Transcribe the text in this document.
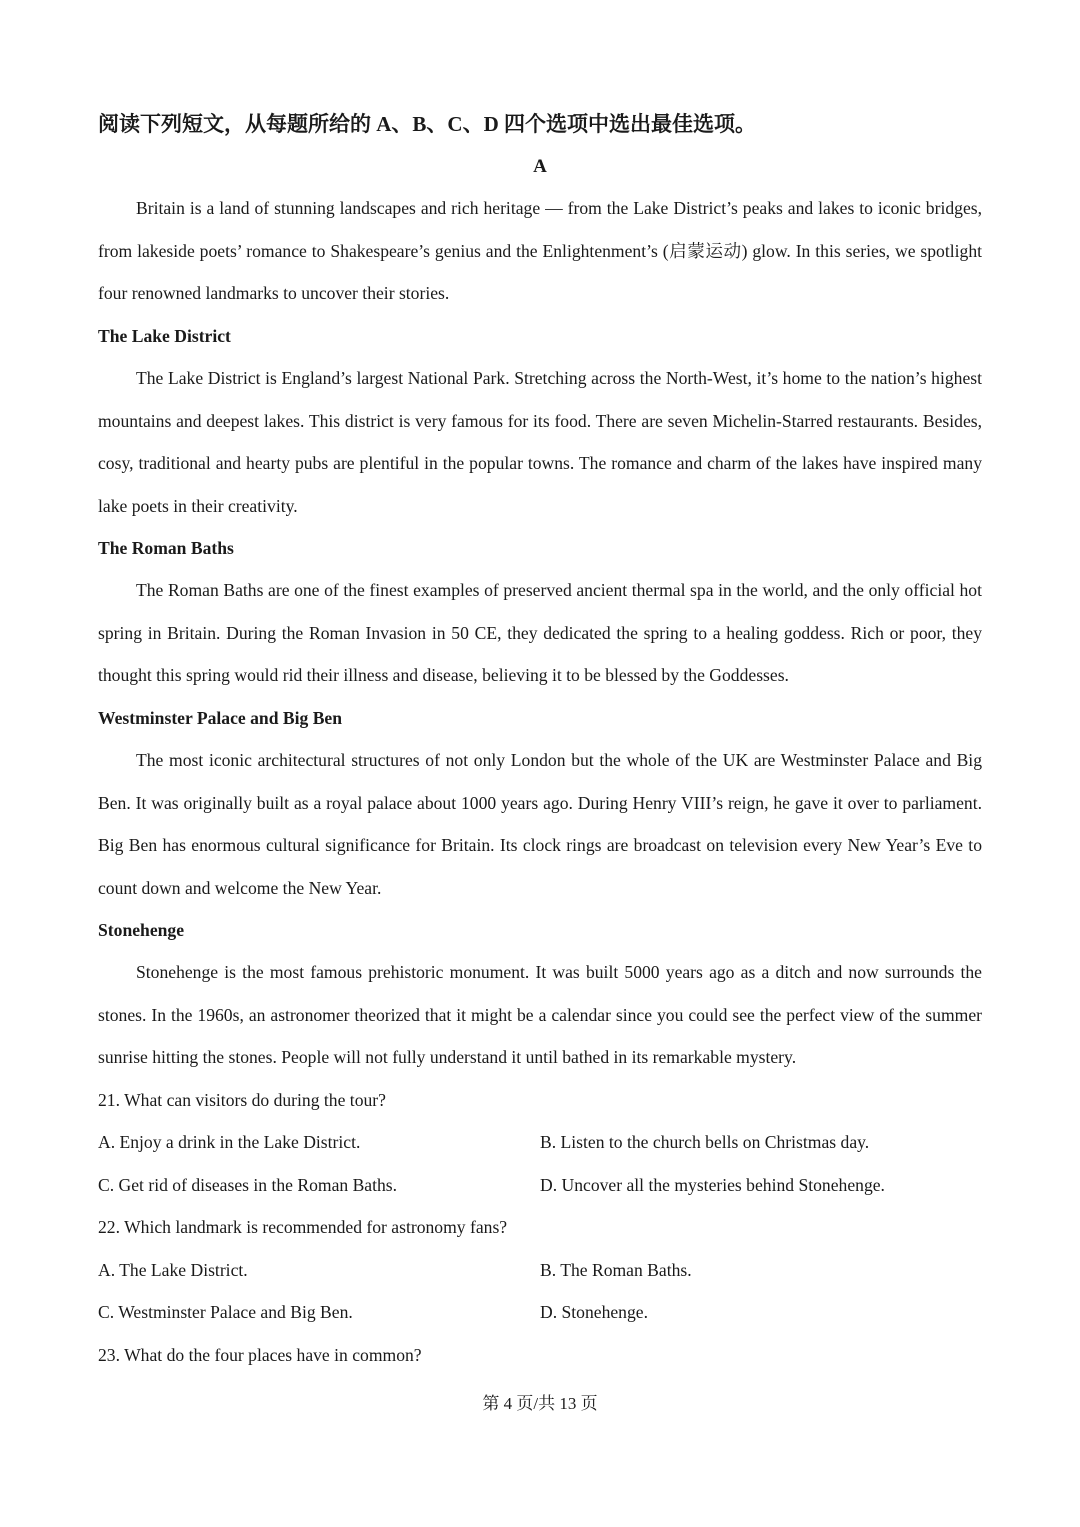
阅读下列短文，从每题所给的 A、B、C、D 四个选项中选出最佳选项。
A

Britain is a land of stunning landscapes and rich heritage — from the Lake District’s peaks and lakes to iconic bridges, from lakeside poets’ romance to Shakespeare’s genius and the Enlightenment’s (启蒙运动) glow. In this series, we spotlight four renowned landmarks to uncover their stories.

The Lake District

The Lake District is England’s largest National Park. Stretching across the North-West, it’s home to the nation’s highest mountains and deepest lakes. This district is very famous for its food. There are seven Michelin-Starred restaurants. Besides, cosy, traditional and hearty pubs are plentiful in the popular towns. The romance and charm of the lakes have inspired many lake poets in their creativity.

The Roman Baths

The Roman Baths are one of the finest examples of preserved ancient thermal spa in the world, and the only official hot spring in Britain. During the Roman Invasion in 50 CE, they dedicated the spring to a healing goddess. Rich or poor, they thought this spring would rid their illness and disease, believing it to be blessed by the Goddesses.

Westminster Palace and Big Ben

The most iconic architectural structures of not only London but the whole of the UK are Westminster Palace and Big Ben. It was originally built as a royal palace about 1000 years ago. During Henry VIII’s reign, he gave it over to parliament. Big Ben has enormous cultural significance for Britain. Its clock rings are broadcast on television every New Year’s Eve to count down and welcome the New Year.

Stonehenge

Stonehenge is the most famous prehistoric monument. It was built 5000 years ago as a ditch and now surrounds the stones. In the 1960s, an astronomer theorized that it might be a calendar since you could see the perfect view of the summer sunrise hitting the stones. People will not fully understand it until bathed in its remarkable mystery.

21. What can visitors do during the tour?

A. Enjoy a drink in the Lake District.	B. Listen to the church bells on Christmas day.

C. Get rid of diseases in the Roman Baths.	D. Uncover all the mysteries behind Stonehenge.

22. Which landmark is recommended for astronomy fans?

A. The Lake District.	B. The Roman Baths.

C. Westminster Palace and Big Ben.	D. Stonehenge.

23. What do the four places have in common?

第 4 页/共 13 页
